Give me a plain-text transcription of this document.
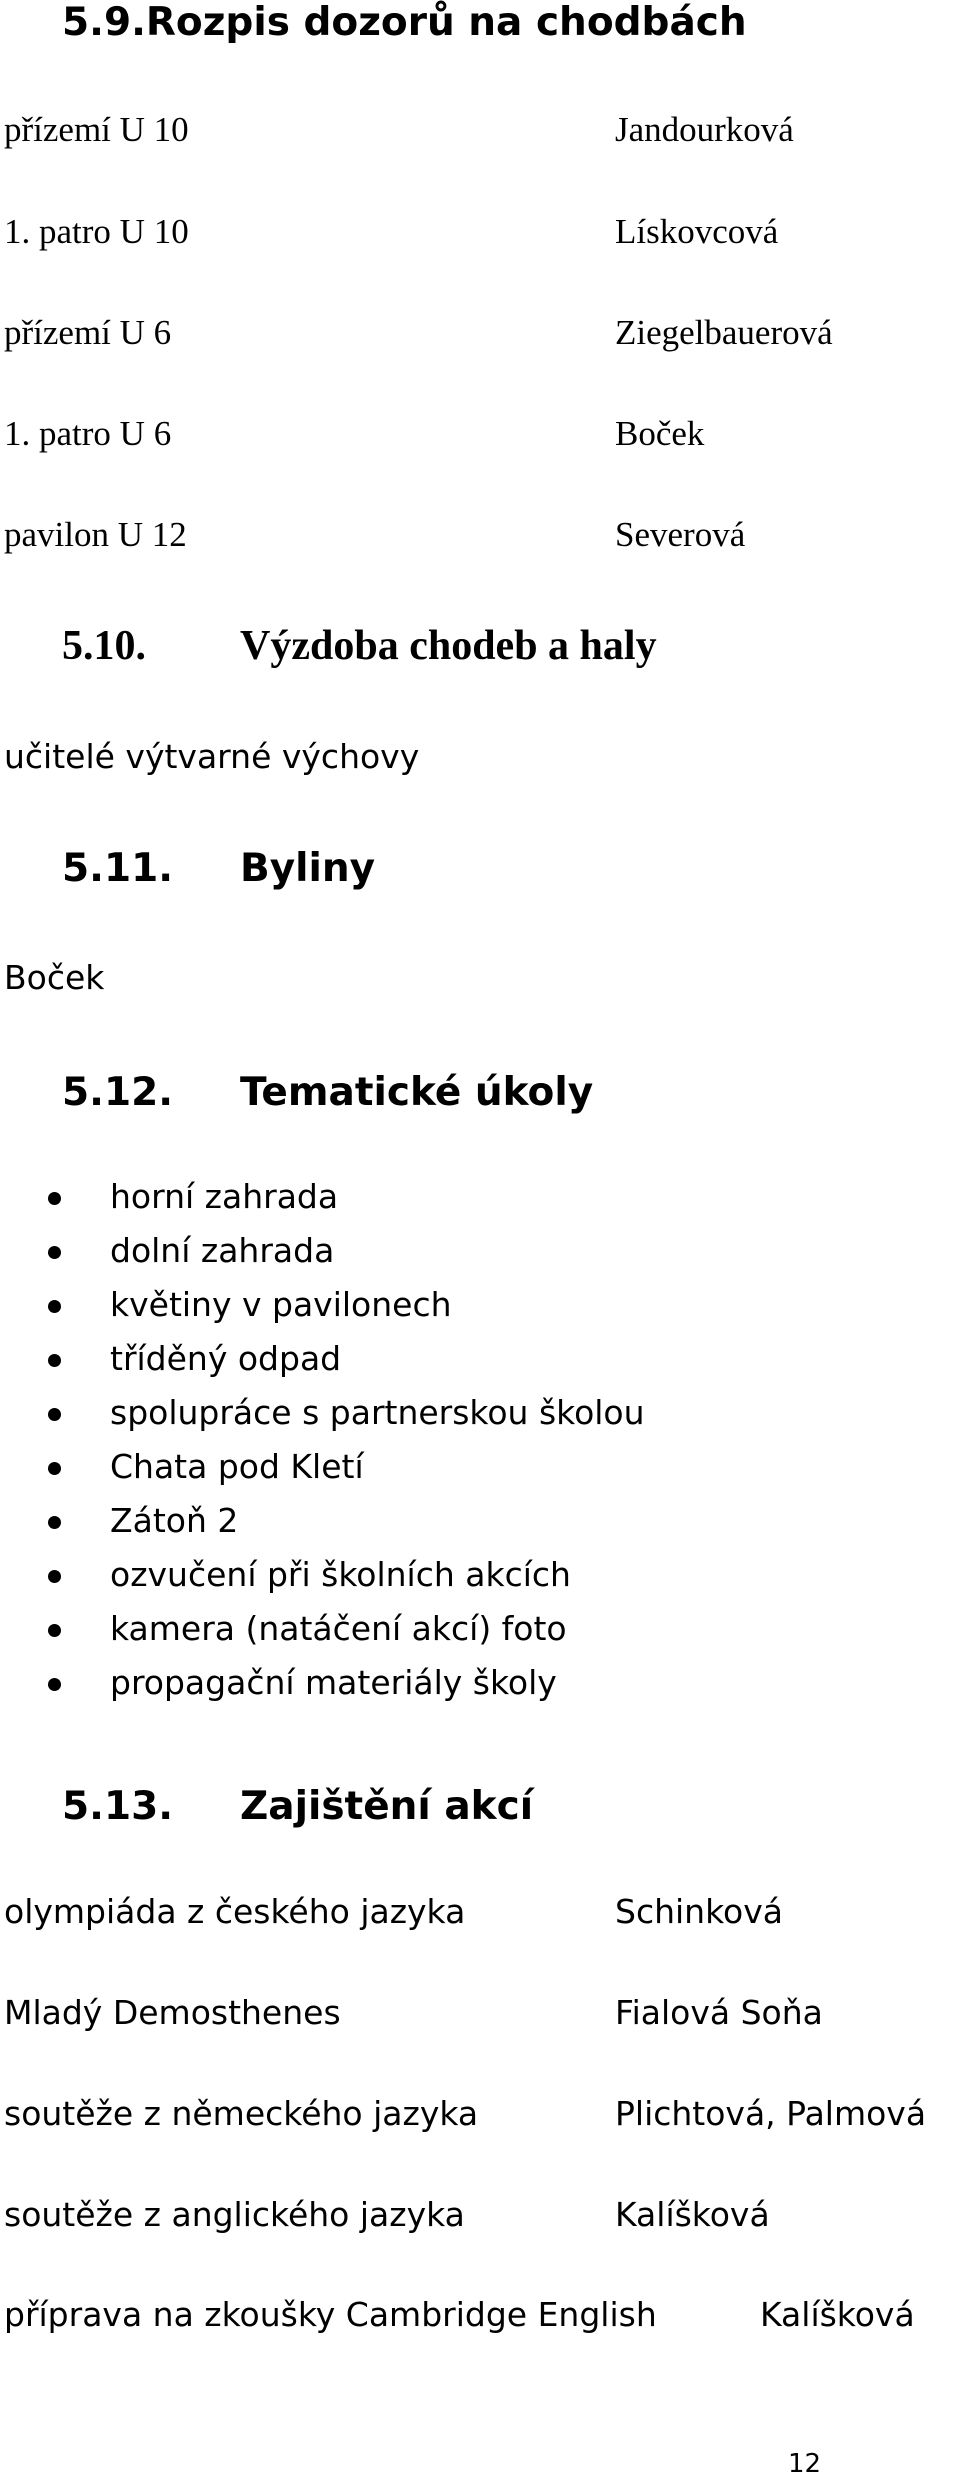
5.9.Rozpis dozorů na chodbách
přízemí U 10	Jandourková
1. patro U 10	Lískovcová
přízemí U 6	Ziegelbauerová
1. patro U 6	Boček
pavilon U 12	Severová
5.10. Výzdoba chodeb a haly
učitelé výtvarné výchovy
5.11. Byliny
Boček
5.12. Tematické úkoly
horní zahrada
dolní zahrada
květiny v pavilonech
tříděný odpad
spolupráce s partnerskou školou
Chata pod Kletí
Zátoň 2
ozvučení při školních akcích
kamera (natáčení akcí) foto
propagační materiály školy
5.13. Zajištění akcí
olympiáda z českého jazyka	Schinková
Mladý Demosthenes	Fialová Soňa
soutěže z německého jazyka	Plichtová, Palmová
soutěže z anglického jazyka	Kalíšková
příprava na zkoušky Cambridge English	Kalíšková
12
